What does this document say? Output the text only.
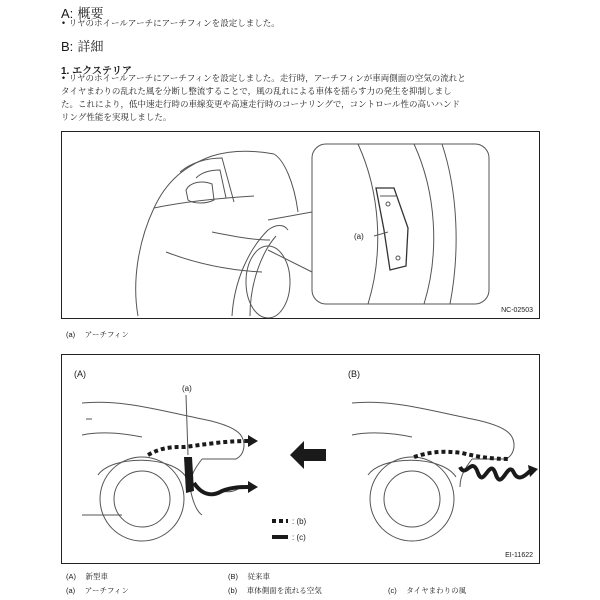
A: 概要
• リヤのホイールアーチにアーチフィンを設定しました。
B: 詳細
1. エクステリア
• リヤのホイールアーチにアーチフィンを設定しました。走行時，アーチフィンが車両側面の空気の流れと
タイヤまわりの乱れた風を分断し整流することで，風の乱れによる車体を揺らす力の発生を抑制しまし
た。これにより，低中速走行時の車線変更や高速走行時のコーナリングで，コントロール性の高いハンド
リング性能を実現しました。
(a)
NC-02503
(a) アーチフィン
(A)	(B)
(a)
: (b)
: (c)
EI-11622
(A) 新型車	(B) 従来車
(a) アーチフィン	(b) 車体側面を流れる空気	(c) タイヤまわりの風
